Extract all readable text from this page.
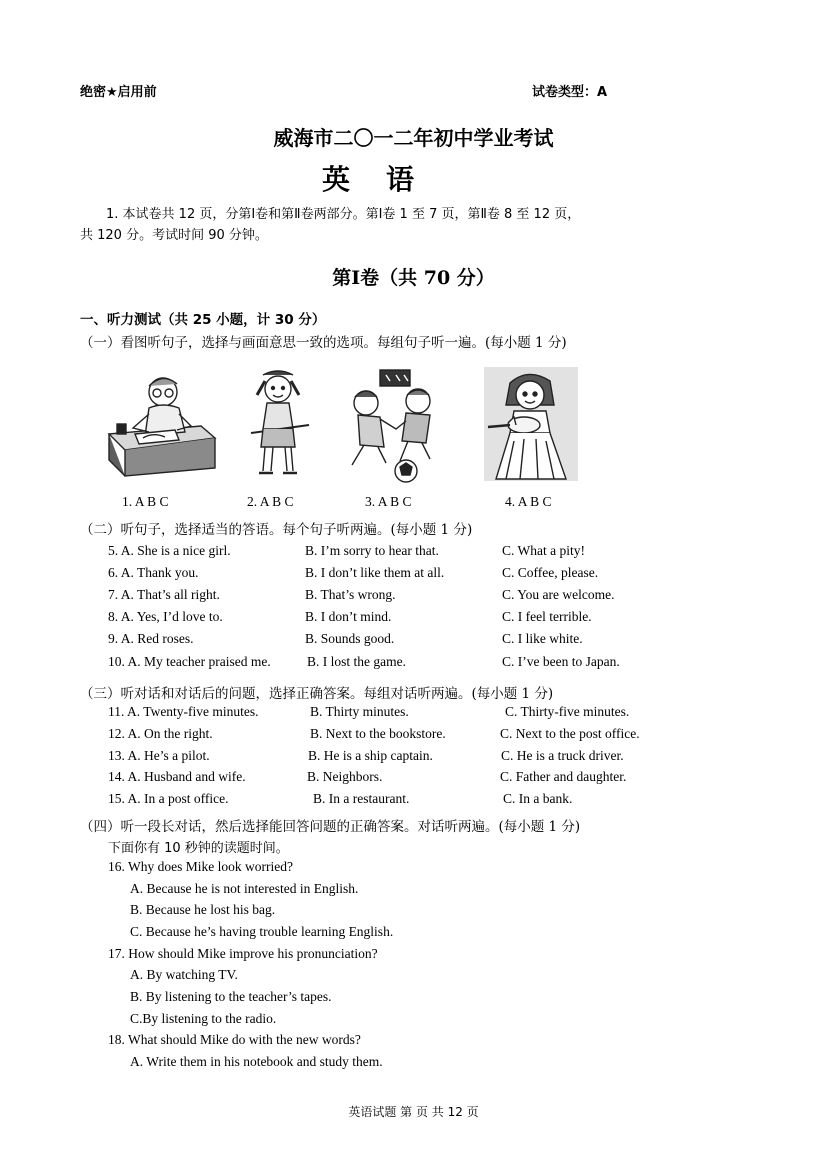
绝密★启用前	试卷类型：A
威海市二〇一二年初中学业考试
英语
1. 本试卷共 12 页，分第Ⅰ卷和第Ⅱ卷两部分。第Ⅰ卷 1 至 7 页，第Ⅱ卷 8 至 12 页，
共 120 分。考试时间 90 分钟。
第Ⅰ卷（共 70 分）
一、听力测试（共 25 小题，计 30 分）
（一）看图听句子，选择与画面意思一致的选项。每组句子听一遍。(每小题 1 分)
1. A B C	2. A B C	3. A B C	4. A B C
（二）听句子，选择适当的答语。每个句子听两遍。(每小题 1 分)
5. A. She is a nice girl.	B. I’m sorry to hear that.	C. What a pity!
6. A. Thank you.	B. I don’t like them at all.	C. Coffee, please.
7. A. That’s all right.	B. That’s wrong.	C. You are welcome.
8. A. Yes, I’d love to.	B. I don’t mind.	C. I feel terrible.
9. A. Red roses.	B. Sounds good.	C. I like white.
10. A. My teacher praised me.	B. I lost the game.	C. I’ve been to Japan.
（三）听对话和对话后的问题，选择正确答案。每组对话听两遍。(每小题 1 分)
11. A. Twenty-five minutes.	B. Thirty minutes.	C. Thirty-five minutes.
12. A. On the right.	B. Next to the bookstore.	C. Next to the post office.
13. A. He’s a pilot.	B. He is a ship captain.	C. He is a truck driver.
14. A. Husband and wife.	B. Neighbors.	C. Father and daughter.
15. A. In a post office.	B. In a restaurant.	C. In a bank.
（四）听一段长对话，然后选择能回答问题的正确答案。对话听两遍。(每小题 1 分)
下面你有 10 秒钟的读题时间。
16. Why does Mike look worried?
A. Because he is not interested in English.
B. Because he lost his bag.
C. Because he’s having trouble learning English.
17. How should Mike improve his pronunciation?
A. By watching TV.
B. By listening to the teacher’s tapes.
C.By listening to the radio.
18. What should Mike do with the new words?
A. Write them in his notebook and study them.
英语试题 第 页 共 12 页
